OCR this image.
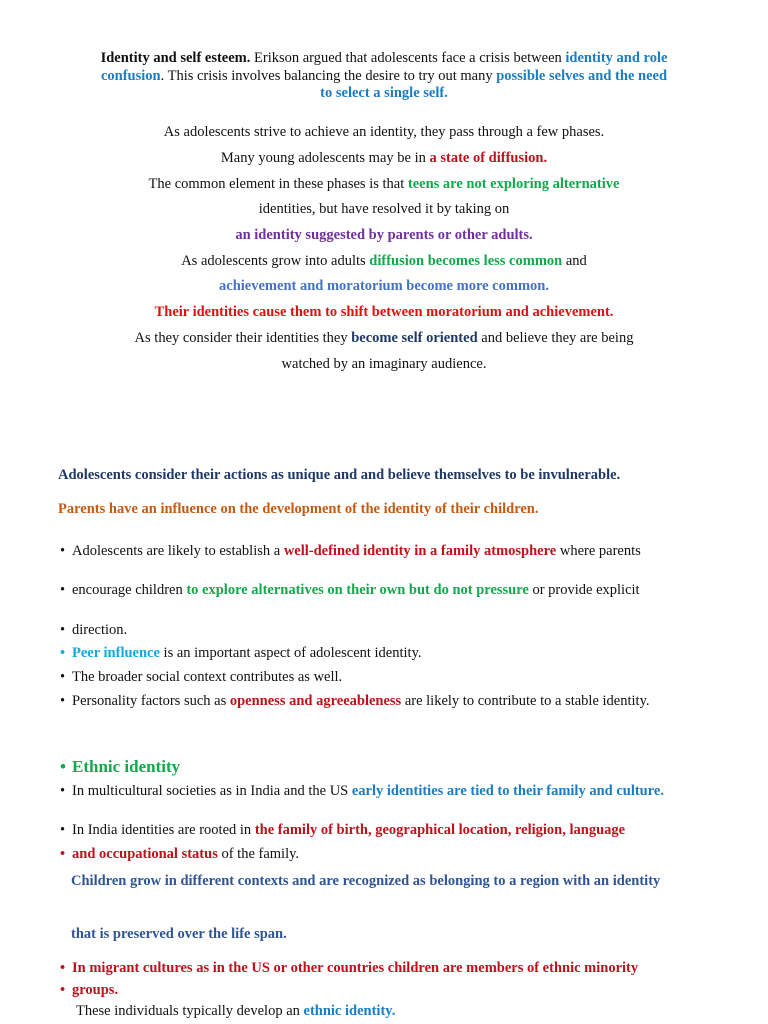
Identity and self esteem. Erikson argued that adolescents face a crisis between identity and role confusion. This crisis involves balancing the desire to try out many possible selves and the need to select a single self.
As adolescents strive to achieve an identity, they pass through a few phases.
Many young adolescents may be in a state of diffusion.
The common element in these phases is that teens are not exploring alternative
identities, but have resolved it by taking on
an identity suggested by parents or other adults.
As adolescents grow into adults diffusion becomes less common and
achievement and moratorium become more common.
Their identities cause them to shift between moratorium and achievement.
As they consider their identities they become self oriented and believe they are being
watched by an imaginary audience.
Adolescents consider their actions as unique and and believe themselves to be invulnerable.
Parents have an influence on the development of the identity of their children.
• Adolescents are likely to establish a well-defined identity in a family atmosphere where parents
• encourage children to explore alternatives on their own but do not pressure or provide explicit
• direction.
• Peer influence is an important aspect of adolescent identity.
• The broader social context contributes as well.
• Personality factors such as openness and agreeableness are likely to contribute to a stable identity.
• Ethnic identity
• In multicultural societies as in India and the US early identities are tied to their family and culture.
• In India identities are rooted in the family of birth, geographical location, religion, language
• and occupational status of the family.
Children grow in different contexts and are recognized as belonging to a region with an identity
that is preserved over the life span.
• In migrant cultures as in the US or other countries children are members of ethnic minority
• groups.
These individuals typically develop an ethnic identity.
